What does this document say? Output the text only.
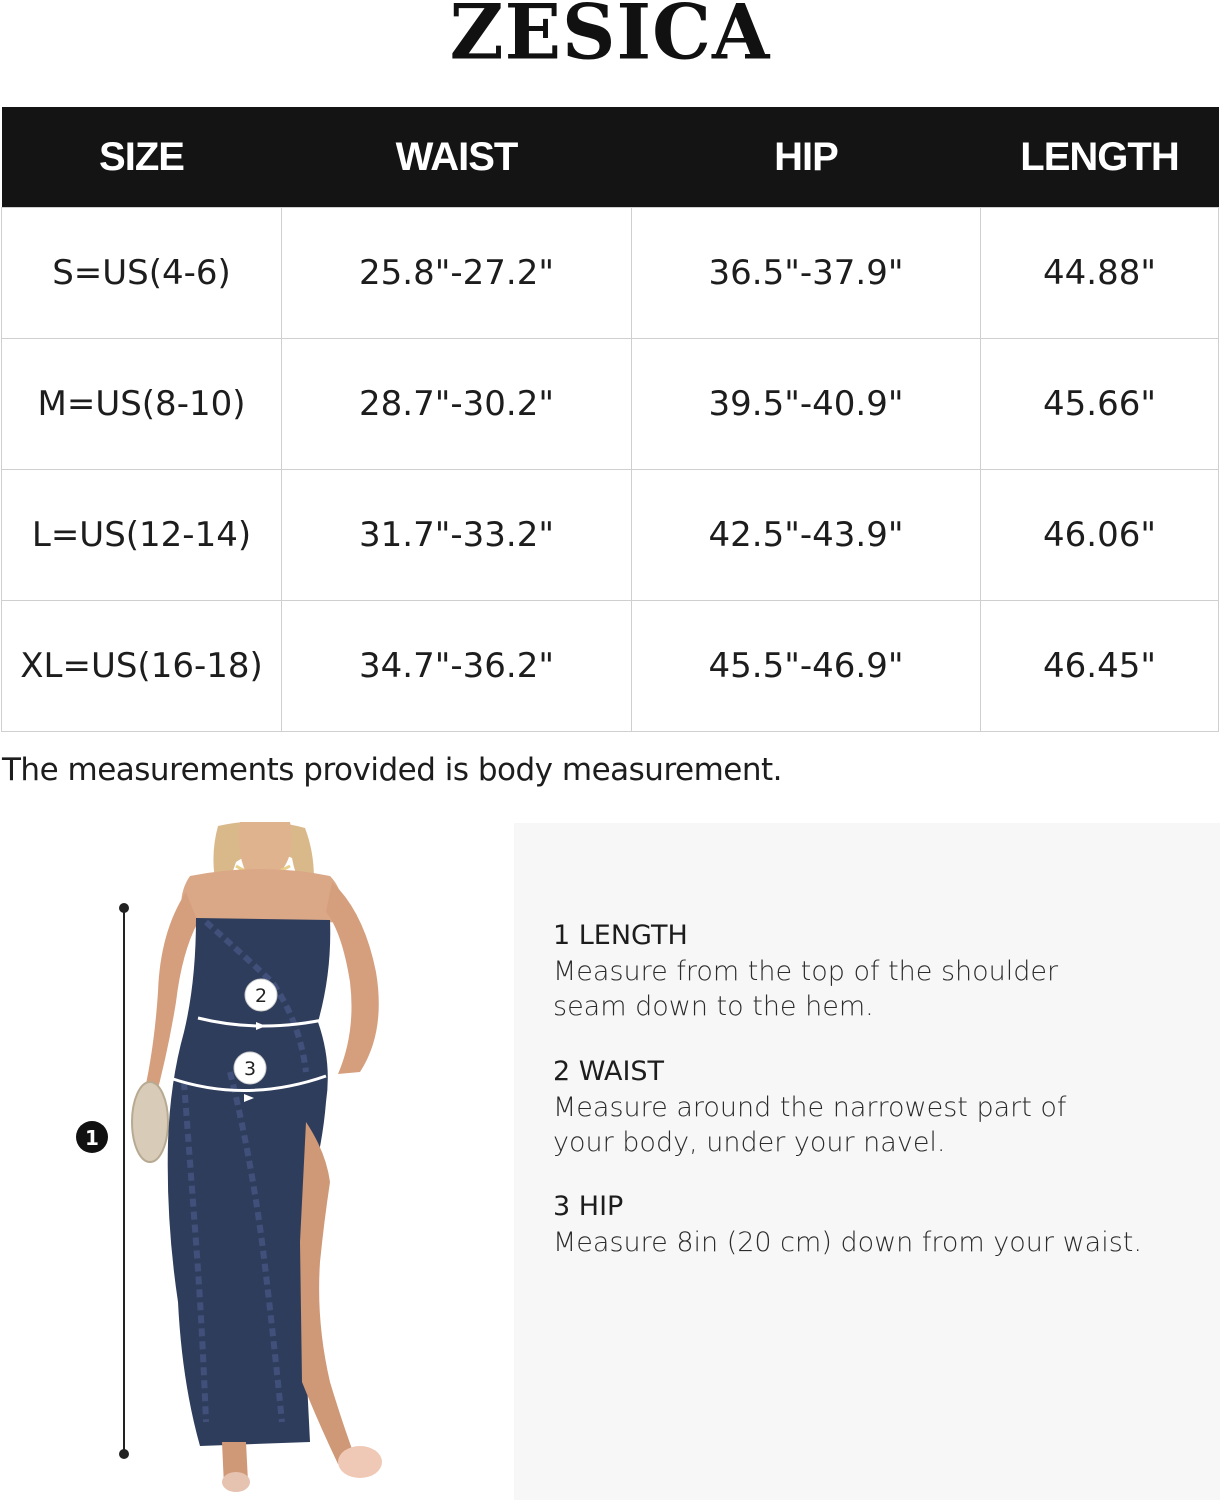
ZESICA
SIZE	WAIST	HIP	LENGTH
S=US(4-6)	25.8"-27.2"	36.5"-37.9"	44.88"
M=US(8-10)	28.7"-30.2"	39.5"-40.9"	45.66"
L=US(12-14)	31.7"-33.2"	42.5"-43.9"	46.06"
XL=US(16-18)	34.7"-36.2"	45.5"-46.9"	46.45"
The measurements provided is body measurement.
1
2
3
1 LENGTH
Measure from the top of the shoulder
seam down to the hem.
2 WAIST
Measure around the narrowest part of
your body, under your navel.
3 HIP
Measure 8in (20 cm) down from your waist.
